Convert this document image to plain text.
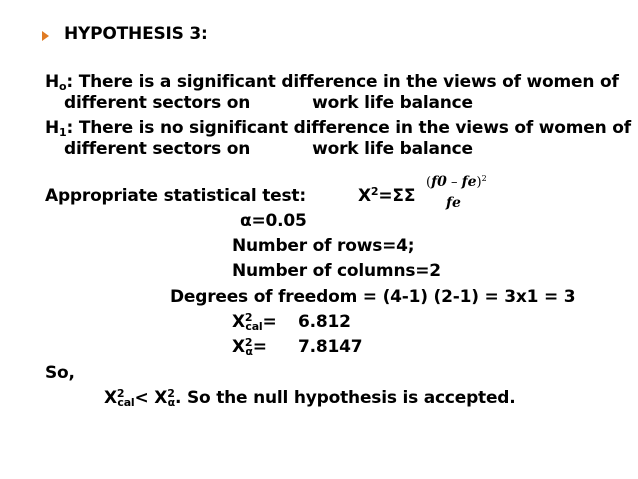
HYPOTHESIS 3:
$H_o$: There is a significant difference in the views of women of
different sectors on	work life balance
$H_1$: There is no significant difference in the views of women of
different sectors on	work life balance
Appropriate statistical test:	$X^2=\Sigma\Sigma$
(f0 – fe)$^2$
fe
α=0.05
Number of rows=4;
Number of columns=2
Degrees of freedom = (4-1) (2-1) = 3x1 = 3
$X^2_{cal}= 6.812$
$X^2_\alpha= 7.8147$
So,
$X^2_{cal}< X^2_\alpha$. So the null hypothesis is accepted.
